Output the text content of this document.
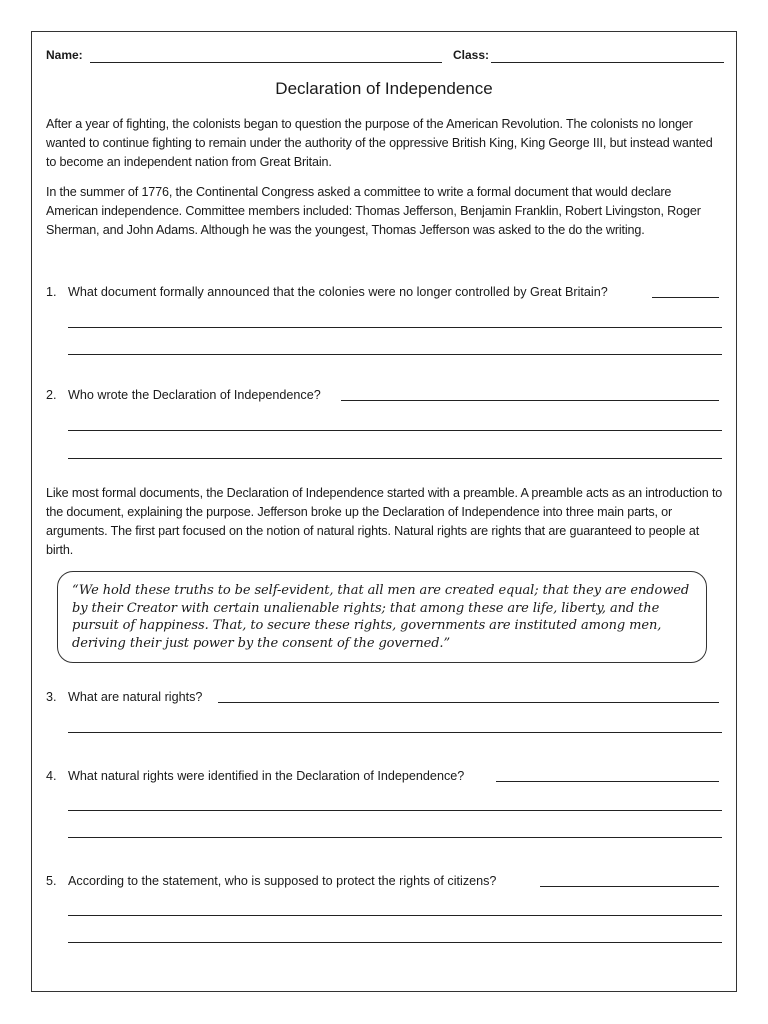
Name:	Class:
Declaration of Independence

After a year of fighting, the colonists began to question the purpose of the American Revolution. The colonists no longer wanted to continue fighting to remain under the authority of the oppressive British King, King George III, but instead wanted to become an independent nation from Great Britain.

In the summer of 1776, the Continental Congress asked a committee to write a formal document that would declare American independence. Committee members included: Thomas Jefferson, Benjamin Franklin, Robert Livingston, Roger Sherman, and John Adams. Although he was the youngest, Thomas Jefferson was asked to the do the writing.

1. What document formally announced that the colonies were no longer controlled by Great Britain?
2. Who wrote the Declaration of Independence?

Like most formal documents, the Declaration of Independence started with a preamble. A preamble acts as an introduction to the document, explaining the purpose. Jefferson broke up the Declaration of Independence into three main parts, or arguments. The first part focused on the notion of natural rights. Natural rights are rights that are guaranteed to people at birth.

“We hold these truths to be self-evident, that all men are created equal; that they are endowed by their Creator with certain unalienable rights; that among these are life, liberty, and the pursuit of happiness. That, to secure these rights, governments are instituted among men, deriving their just power by the consent of the governed.”

3. What are natural rights?
4. What natural rights were identified in the Declaration of Independence?
5. According to the statement, who is supposed to protect the rights of citizens?
